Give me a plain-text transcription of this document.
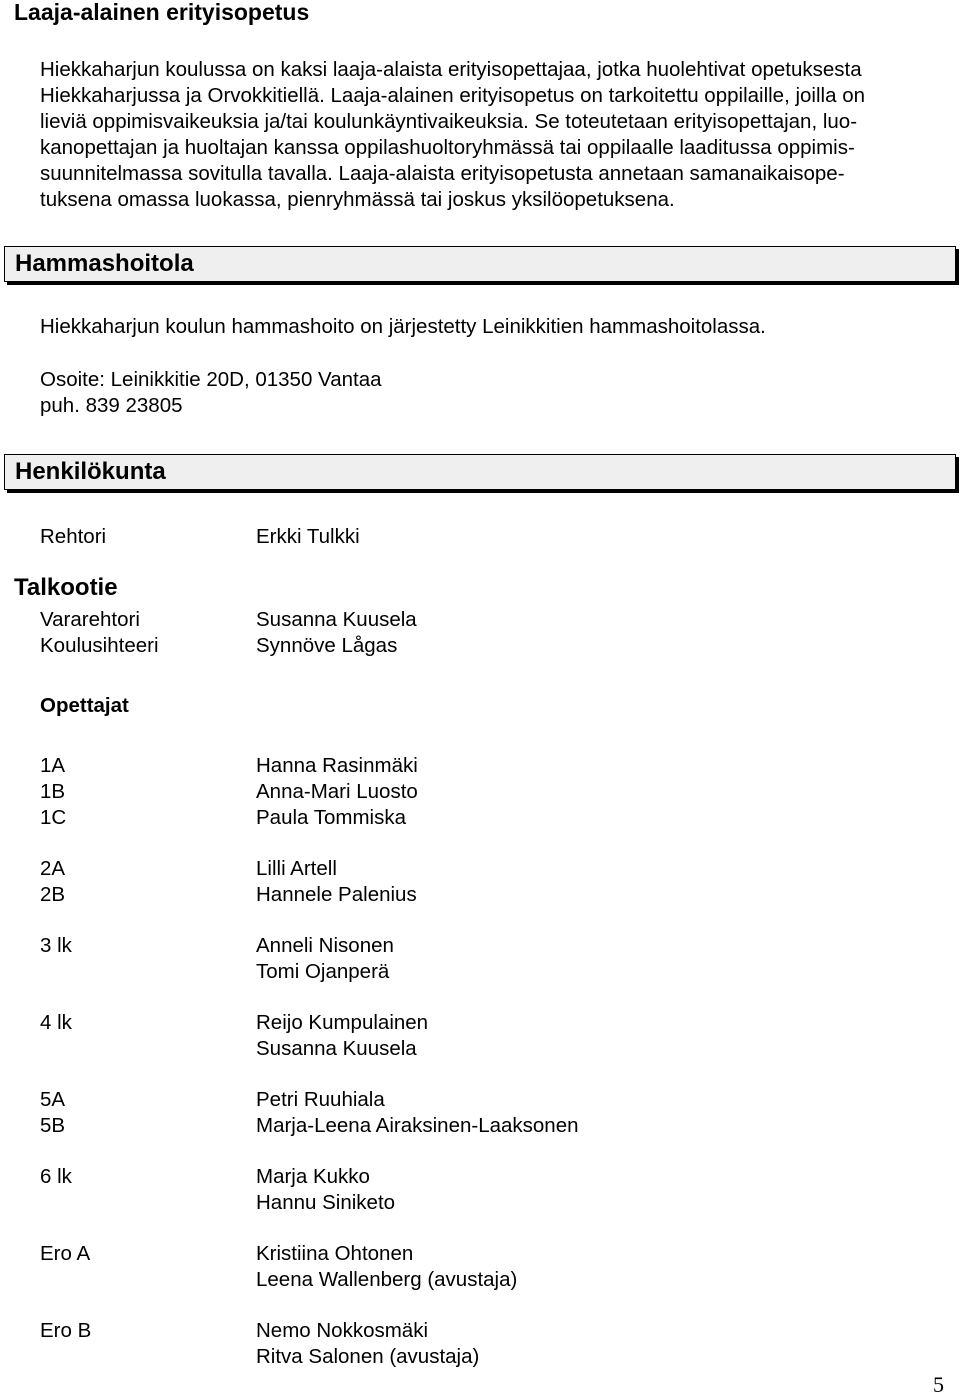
Laaja-alainen erityisopetus
Hiekkaharjun koulussa on kaksi laaja-alaista erityisopettajaa, jotka huolehtivat opetuksesta
Hiekkaharjussa ja Orvokkitiellä. Laaja-alainen erityisopetus on tarkoitettu oppilaille, joilla on
lieviä oppimisvaikeuksia ja/tai koulunkäyntivaikeuksia. Se toteutetaan erityisopettajan, luo-
kanopettajan ja huoltajan kanssa oppilashuoltoryhmässä tai oppilaalle laaditussa oppimis-
suunnitelmassa sovitulla tavalla. Laaja-alaista erityisopetusta annetaan samanaikaisope-
tuksena omassa luokassa, pienryhmässä tai joskus yksilöopetuksena.
Hammashoitola
Hiekkaharjun koulun hammashoito on järjestetty Leinikkitien hammashoitolassa.
Osoite: Leinikkitie 20D, 01350 Vantaa
puh. 839 23805
Henkilökunta
Rehtori	Erkki Tulkki
Talkootie
Vararehtori	Susanna Kuusela
Koulusihteeri	Synnöve Lågas
Opettajat
1A	Hanna Rasinmäki
1B	Anna-Mari Luosto
1C	Paula Tommiska
2A	Lilli Artell
2B	Hannele Palenius
3 lk	Anneli Nisonen
Tomi Ojanperä
4 lk	Reijo Kumpulainen
Susanna Kuusela
5A	Petri Ruuhiala
5B	Marja-Leena Airaksinen-Laaksonen
6 lk	Marja Kukko
Hannu Siniketo
Ero A	Kristiina Ohtonen
Leena Wallenberg (avustaja)
Ero B	Nemo Nokkosmäki
Ritva Salonen (avustaja)
5
